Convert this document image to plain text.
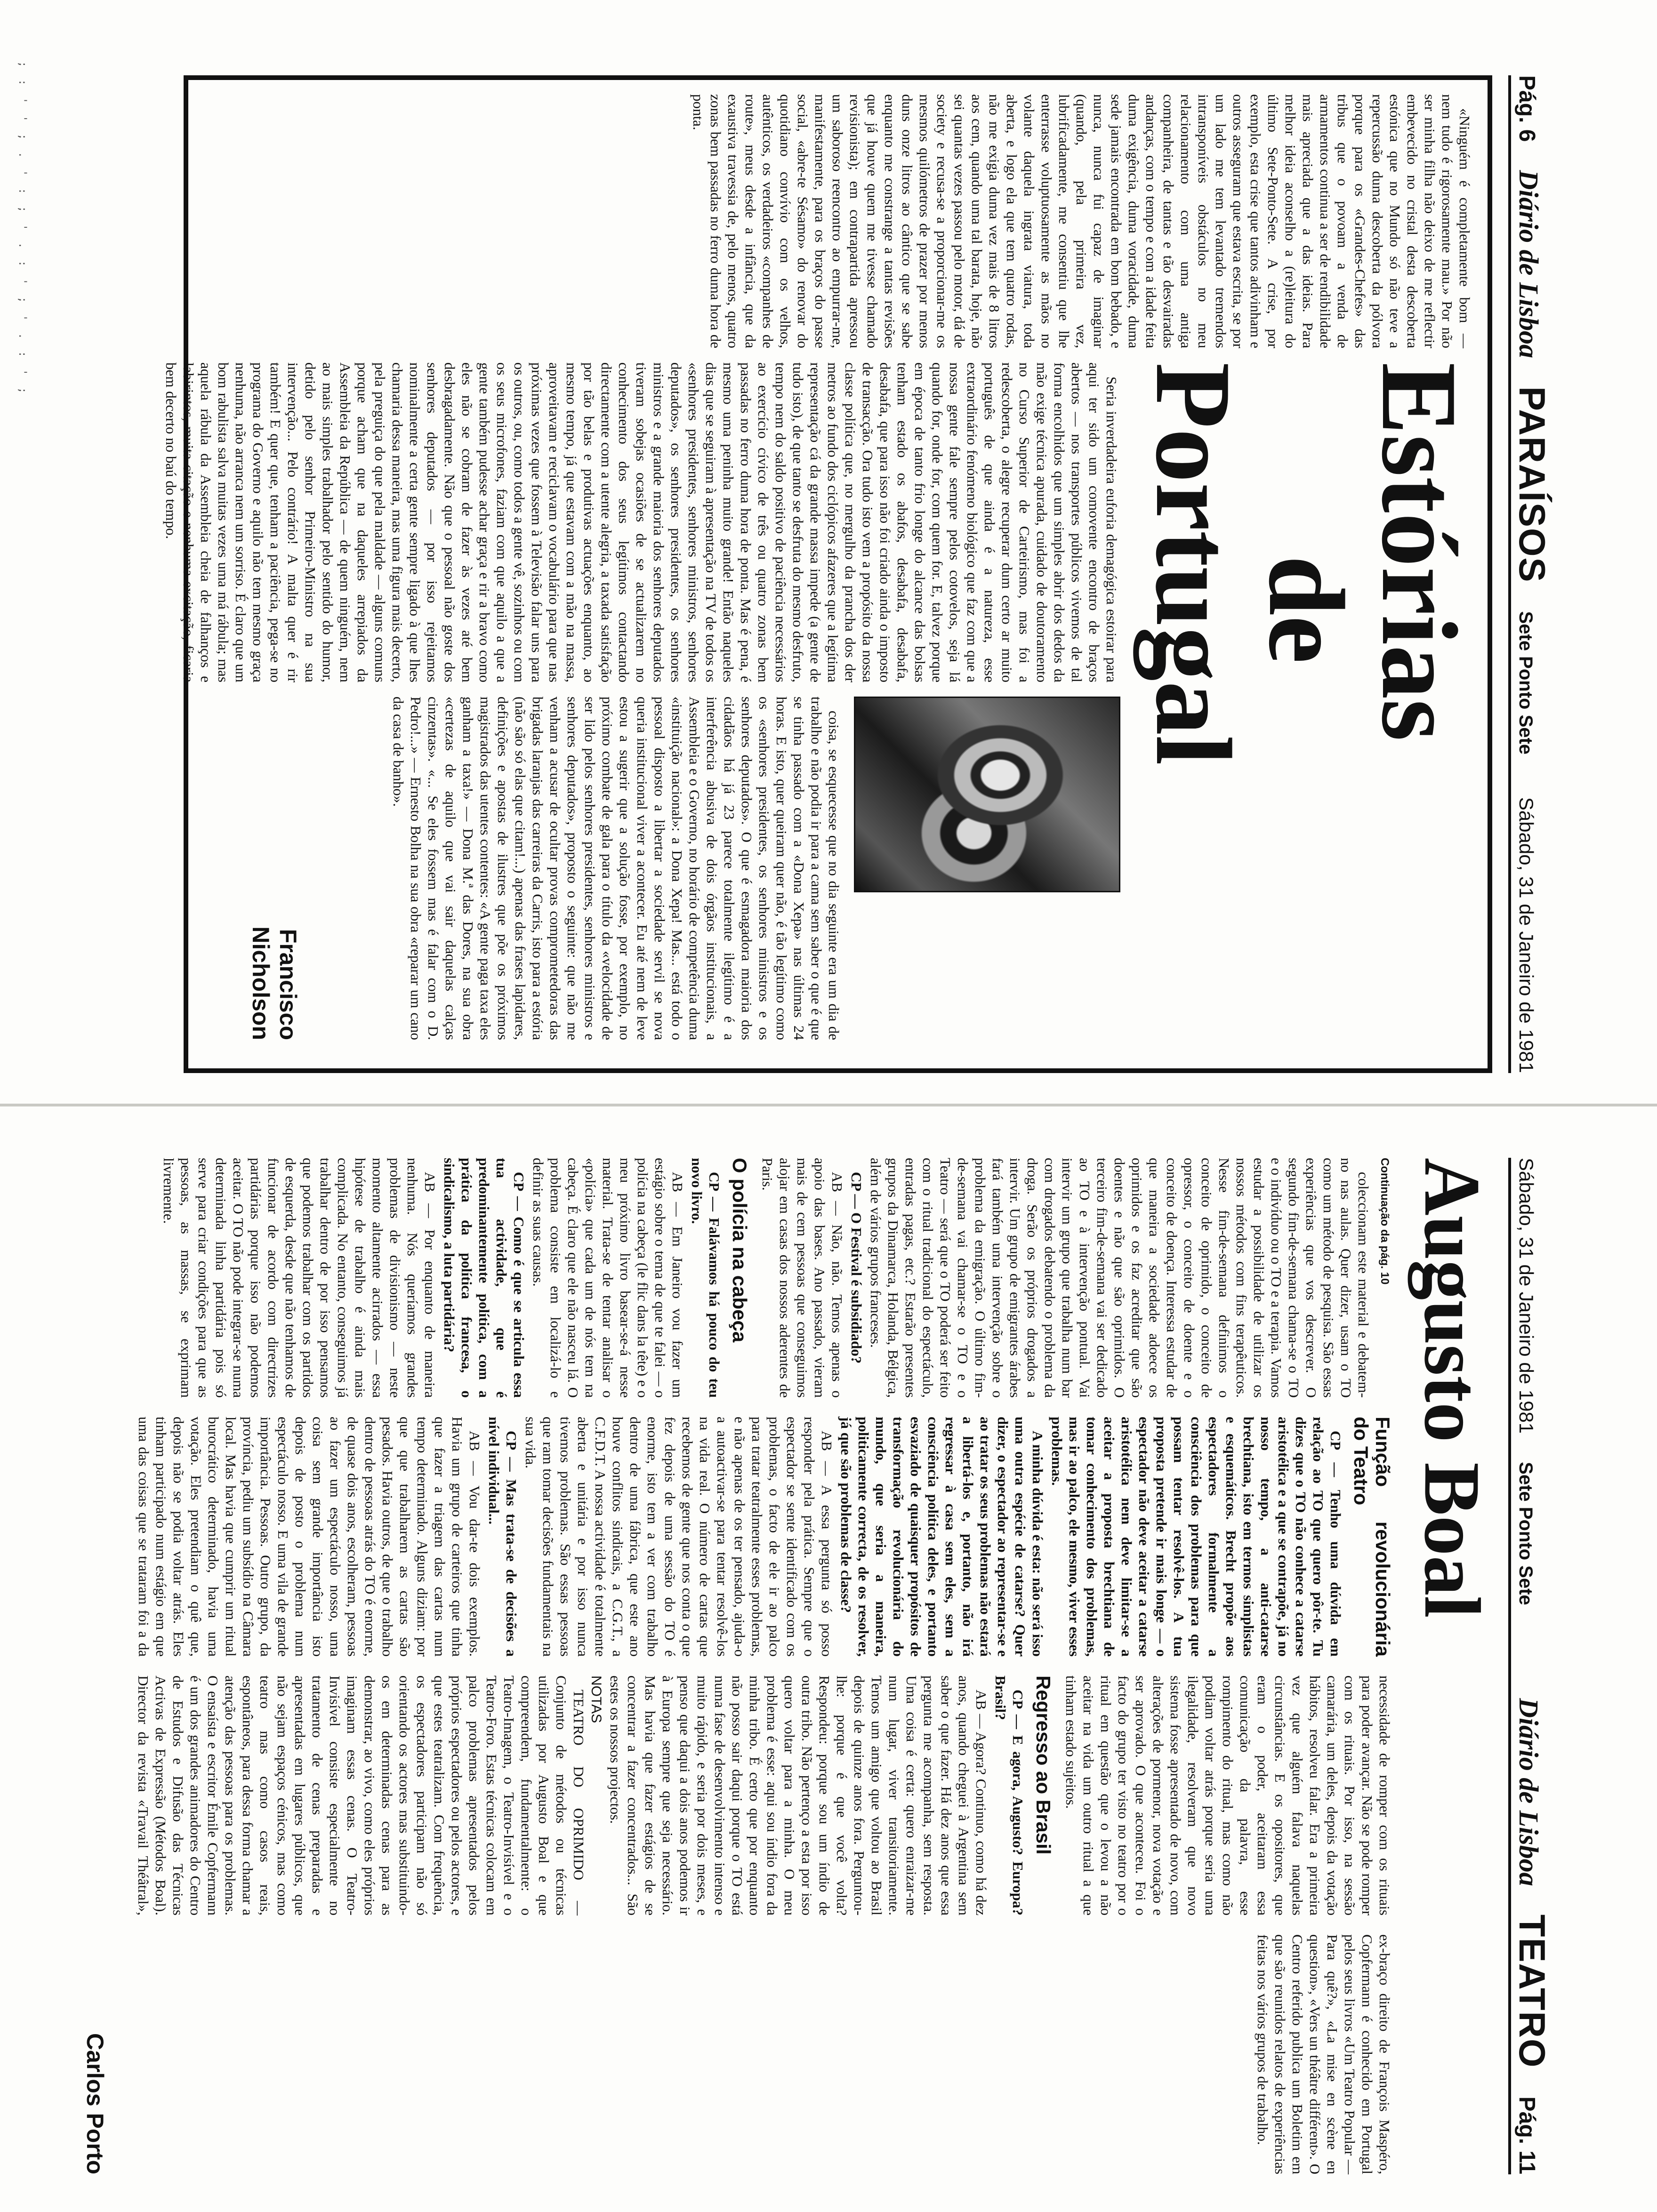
; : ' ' ; . ' : ; ' . : ' ; ' . : ' ;	Pág. 6
Diário de Lisboa
PARAÍSOS
Sete Ponto Sete
Sábado, 31 de Janeiro de 1981
Estórias
de
Portugal

«Ninguém é completamente bom — nem tudo é rigorosamente mau.» Por não ser minha filha não deixo de me reflectir embevecido no cristal desta descoberta estónica que no Mundo só não teve a repercussão duma descoberta da pólvora porque para os «Grandes-Chefes» das tribus que o povoam a venda de armamentos continua a ser de rendibilidade mais apreciada que a das ideias. Para melhor ideia aconselho a (re)leitura do último Sete-Ponto-Sete. A crise, por exemplo, esta crise que tantos adivinham e outros asseguram que estava escrita, se por um lado me tem levantado tremendos intransponíveis obstáculos no meu relacionamento com uma antiga companheira, de tantas e tão desvairadas andanças, com o tempo e com a idade feita duma exigência, duma voracidade, duma sede jamais encontrada em bom bebado, e nunca, nunca fui capaz de imaginar (quando, pela primeira vez, lubrificadamente, me consentiu que lhe enterrasse voluptuosamente as mãos no volante daquela ingrata viatura, toda aberta, e logo ela que tem quatro rodas, não me exigia duma vez mais de 8 litros aos cem, quando uma tal barata, hoje, não sei quantas vezes passou pelo motor, dá de society e recusa-se a proporcionar-me os mesmos quilómetros de prazer por menos duns onze litros ao cântico que se sabe enquanto me constrange a tantas revisões que já houve quem me tivesse chamado revisionista); em contrapartida apressou um saboroso reencontro ao empurrar-me, manifestamente, para os braços do passe social, «abre-te Sésamo» do renovar do quotidiano convívio com os velhos, autênticos, os verdadeiros «companhes de route», meus desde a infância, que da exaustiva travessia de, pelo menos, quatro zonas bem passadas no ferro duma hora de ponta.

Seria inverdadeira euforia demagógica estoirar para aqui ter sido um comovente encontro de braços abertos — nos transportes públicos vivemos de tal forma encolhidos que um simples abrir dos dedos da mão exige técnica apurada, cuidado de doutoramento no Curso Superior de Carteirismo, mas foi a redescoberta, o alegre recuperar dum certo ar muito português de que ainda é a natureza, esse extraordinário fenómeno biológico que faz com que a nossa gente fale sempre pelos cotovelos, seja lá quando for, onde for, com quem for. E, talvez porque em época de tanto frio longe do alcance das bolsas tenham estado os abafos, desabafa, desabafa, desabafa, que para isso não foi criado ainda o imposto de transacção. Ora tudo isto vem a propósito da nossa classe política que, no mergulho da prancha dos der metros ao fundo dos ciclópicos afazeres que a legítima representação cá da grande massa impede (a gente de tudo isto), de que tanto se desfruta do mesmo desfruto, tempo nem do saldo positivo de paciência necessários ao exercício cívico de três ou quatro zonas bem passadas no ferro duma hora de ponta. Mas é pena, é mesmo uma peninha muito grande! Então naqueles dias que se seguiram à apresentação na TV de todos os «senhores presidentes, senhores ministros, senhores deputados», os senhores presidentes, os senhores ministros e a grande maioria dos senhores deputados tiveram sobejas ocasiões de se actualizarem no conhecimento dos seus legítimos contactando directamente com a utente alegria, a taxada satisfação por tão belas e produtivas actuações enquanto, ao mesmo tempo, já que estavam com a mão na massa, aproveitavam e reciclavam o vocabulário para que nas próximas vezes que fossem à Televisão falar uns para os outros, ou, como todos a gente vê, sozinhos ou com os seus microfones, faziam com que aquilo a que a gente também pudesse achar graça e rir a bravo como eles não se cobram de fazer às vezes até bem desbragadamente. Não que o pessoal não goste dos senhores deputados — por isso rejeitamos nominalmente a certa gente sempre ligado à que lhes chamaria dessa maneira, mas uma figura mais decerto, pela preguiça do que pela maldade — alguns comuns porque acham que na daqueles arrepiados da Assembleia da República — de quem ninguém, nem ao mais simples trabalhador pelo sentido do humor, detido pelo senhor Primeiro-Ministro na sua intervenção... Pelo contrário! A malta quer é rir também! E quer que, tenham a paciência, pega-se no programa do Governo e aquilo não tem mesmo graça nenhuma, não arranca nem um sorriso. É claro que um bom rabulista salva muitas vezes uma má rábula; mas aquela rábula da Assembleia cheia de falhanços e labirintos, muita citação e nenhuma excitação, ficaria bem decerto no baú do tempo.

coisa, se esquecesse que no dia seguinte era um dia de trabalho e não podia ir para a cama sem saber o que é que se tinha passado com a «Dona Xepa» nas últimas 24 horas. E isto, quer queiram quer não, é tão legítimo como os «senhores presidentes, os senhores ministros e os senhores deputados». O que é esmagadora maioria dos cidadãos há já 23 parece totalmente ilegítimo é a interferência abusiva de dois órgãos institucionais, a Assembleia e o Governo, no horário de competência duma «instituição nacional»: a Dona Xepa! Mas... está todo o pessoal disposto a libertar a sociedade servil se nova queria institucional viver a acontecer. Eu até nem de leve estou a sugerir que a solução fosse, por exemplo, no próximo combate de gala para o título da «velocidade de ser lido pelos senhores presidentes, senhores ministros e senhores deputados», proposto o seguinte: que não me venham a acusar de ocultar provas comprometedoras das brigadas laranjas das carreiras da Carris, isto para a estória (não são só elas que citam!...) apenas das frases lapidares, definições e apostas de ilustres que põe os próximos magistrados das utentes contentes: «A gente paga taxa eles ganham a taxa!» — Dona M.ª das Dores, na sua obra «certezas de aquilo que vai sair daquelas calças cinzentas». «... Se eles fossem mas é falar com o D. Pedro!...» — Ernesto Bolha na sua obra «reparar um cano da casa de banho».

Francisco
Nicholson
Sábado, 31 de Janeiro de 1981
Sete Ponto Sete
Diário de Lisboa
TEATRO
Pág. 11
Augusto Boal
Continuação da pág. 10

coleccionam este material e debatem-no nas aulas. Quer dizer, usam o TO como um método de pesquisa. São essas experiências que vos descrever. O segundo fim-de-semana chama-se o TO e o indivíduo ou o TO e a terapia. Vamos estudar a possibilidade de utilizar os nossos métodos com fins terapêuticos. Nesse fim-de-semana definimos o conceito de oprimido, o conceito de opressor, o conceito de doente e o conceito de doença. Interessa estudar de que maneira a sociedade adoece os oprimidos e os faz acreditar que são doentes e não que são oprimidos. O terceiro fim-de-semana vai ser dedicado ao TO e à intervenção pontual. Vai intervir um grupo que trabalha num bar com drogados debatendo o problema da droga. Serão os próprios drogados a intervir. Um grupo de emigrantes árabes fará também uma intervenção sobre o problema da emigração. O último fim-de-semana vai chamar-se o TO e o Teatro — será que o TO poderá ser feito com o ritual tradicional do espectáculo, entradas pagas, etc.? Estarão presentes grupos da Dinamarca, Holanda, Bélgica, além de vários grupos franceses.

CP — O Festival é subsidiado?

AB — Não, não. Temos apenas o apoio das bases. Ano passado, vieram mais de cem pessoas que conseguimos alojar em casas dos nossos aderentes de Paris.

O polícia na cabeça

CP — Falávamos há pouco do teu novo livro.

AB — Em Janeiro vou fazer um estágio sobre o tema de que te falei — o polícia na cabeça (le flic dans la tête) e o meu próximo livro basear-se-á nesse material. Trata-se de tentar analisar o «polícia» que cada um de nós tem na cabeça. É claro que ele não nasceu lá. O problema consiste em localizá-lo e definir as suas causas.

CP — Como é que se articula essa tua actividade, que é predominantemente política, com a prática da política francesa, o sindicalismo, a luta partidária?

AB — Por enquanto de maneira nenhuma. Nós queríamos grandes problemas de divisionismo — neste momento altamente acirrados — essa hipótese de trabalho é ainda mais complicada. No entanto, conseguimos já trabalhar dentro de por isso pensamos que podemos trabalhar com os partidos de esquerda, desde que não tenhamos de funcionar de acordo com directrizes partidárias porque isso não podemos aceitar. O TO não pode integrar-se numa determinada linha partidária pois só serve para criar condições para que as pessoas, as massas, se exprimam livremente.

Função revolucionária do Teatro

CP — Tenho uma dúvida em relação ao TO que quero pôr-te. Tu dizes que o TO não conhece a catarse aristotélica e a que se contrapõe, já no nosso tempo, a anti-catarse brechtiana, isto em termos simplistas e esquemáticos. Brecht propõe aos espectadores formalmente a consciência dos problemas para que possam tentar resolvê-los. A tua proposta pretende ir mais longe — o espectador não deve aceitar a catarse aristotélica nem deve limitar-se a aceitar a proposta brechtiana de tomar conhecimento dos problemas, mas ir ao palco, ele mesmo, viver esses problemas.

A minha dúvida é esta: não será isso uma outra espécie de catarse? Quer dizer, o espectador ao representar-se e ao tratar os seus problemas não estará a libertá-los e, portanto, não irá regressar à casa sem eles, sem a consciência política deles, e portanto esvaziado de quaisquer propósitos de transformação revolucionária do mundo, que seria a maneira, politicamente correcta, de os resolver, já que são problemas de classe?

AB — A essa pergunta só posso responder pela prática. Sempre que o espectador se sente identificado com os problemas, o facto de ele ir ao palco para tratar teatralmente esses problemas, e não apenas de os ter pensado, ajuda-o a autoactivar-se para tentar resolvê-los na vida real. O número de cartas que recebemos de gente que nos conta o que fez depois de uma sessão do TO é enorme, isto tem a ver com trabalho dentro de uma fábrica, que este ano houve conflitos sindicais, a C.G.T., a C.F.D.T. A nossa actividade é totalmente aberta e unitária e por isso nunca tivemos problemas. São essas pessoas que ram tomar decisões fundamentais na sua vida.

CP — Mas trata-se de decisões a nível individual...

AB — Vou dar-te dois exemplos. Havia um grupo de carteiros que tinha que fazer a triagem das cartas num tempo determinado. Alguns diziam: por que que trabalharem as cartas são pesados. Havia outros, de que o trabalho dentro de pessoas atrás do TO é enorme, de quase dois anos, escolheram, pessoas ao fazer um espectáculo nosso, uma coisa sem grande importância isto depois de posto o problema num espectáculo nosso. E uma vila de grande importância. Pessoas. Outro grupo, da província, pediu um subsídio na Câmara local. Mas havia que cumprir um ritual burocrático determinado, havia uma votação. Eles pretendiam o quê que, depois não se podia voltar atrás. Eles tinham participado num estágio em que uma das coisas que se trataram foi a da necessidade de romper com os rituais para poder avançar. Não se pode romper com os rituais. Por isso, na sessão camarária, um deles, depois da votação hábitos, resolveu falar. Era a primeira vez que alguém falava naquelas circunstâncias. E os opositores, que eram o poder, aceitaram essa comunicação da palavra, esse rompimento do ritual, mas como não podiam voltar atrás porque seria uma ilegalidade, resolveram que novo sistema fosse apresentado de novo, com alterações de pormenor, nova votação e ser aprovado. O que aconteceu. Foi o facto do grupo ter visto no teatro por o ritual em questão que o levou a não aceitar na vida um outro ritual a que tinham estado sujeitos.

Regresso ao Brasil

CP — E agora, Augusto? Europa? Brasil?

AB — Agora? Continuo, como há dez anos, quando cheguei à Argentina sem saber o que fazer. Há dez anos que essa pergunta me acompanha, sem resposta. Uma coisa é certa: quero enraizar-me num lugar, viver transitoriamente. Temos um amigo que voltou ao Brasil depois de quinze anos fora. Perguntou-lhe: porque é que você volta? Respondeu: porque sou um índio de outra tribo. Não pertenço a esta por isso quero voltar para a minha. O meu problema é esse: aqui sou índio fora da minha tribo. É certo que por enquanto não posso sair daqui porque o TO está numa fase de desenvolvimento intenso e muito rápido, e seria por dois meses, e penso que daqui a dois anos podemos ir à Europa sempre que seja necessário. Mas havia que fazer estágios de se concentrar a fazer concentrados... São estes os nossos projectos.

NOTAS

TEATRO DO OPRIMIDO — Conjunto de métodos ou técnicas utilizadas por Augusto Boal e que compreendem, fundamentalmente: o Teatro-Imagem, o Teatro-Invisível e o Teatro-Foro. Estas técnicas colocam em palco problemas apresentados pelos próprios espectadores ou pelos actores, e que estes teatralizam. Com frequência, os espectadores participam não só orientando os actores mas substituindo-os em determinadas cenas para as demonstrar, ao vivo, como eles próprios imaginam essas cenas. O Teatro-Invisível consiste especialmente no tratamento de cenas preparadas e apresentadas em lugares públicos, que não sejam espaços cénicos, mas como teatro mas como casos reais, espontâneos, para dessa forma chamar a atenção das pessoas para os problemas. O ensaísta e escritor Émile Copfermann é um dos grandes animadores do Centro de Estudos e Difusão das Técnicas Activas de Expressão (Métodos Boal). Director da revista «Travail Théâtral», ex-braço direito de François Maspéro, Copfermann é conhecido em Portugal pelos seus livros «Um Teatro Popular — Para quê?», «La mise en scène en question», «Vers un théâtre différent». O Centro referido publica um Boletim em que são reunidos relatos de experiências feitas nos vários grupos de trabalho.

Carlos Porto
